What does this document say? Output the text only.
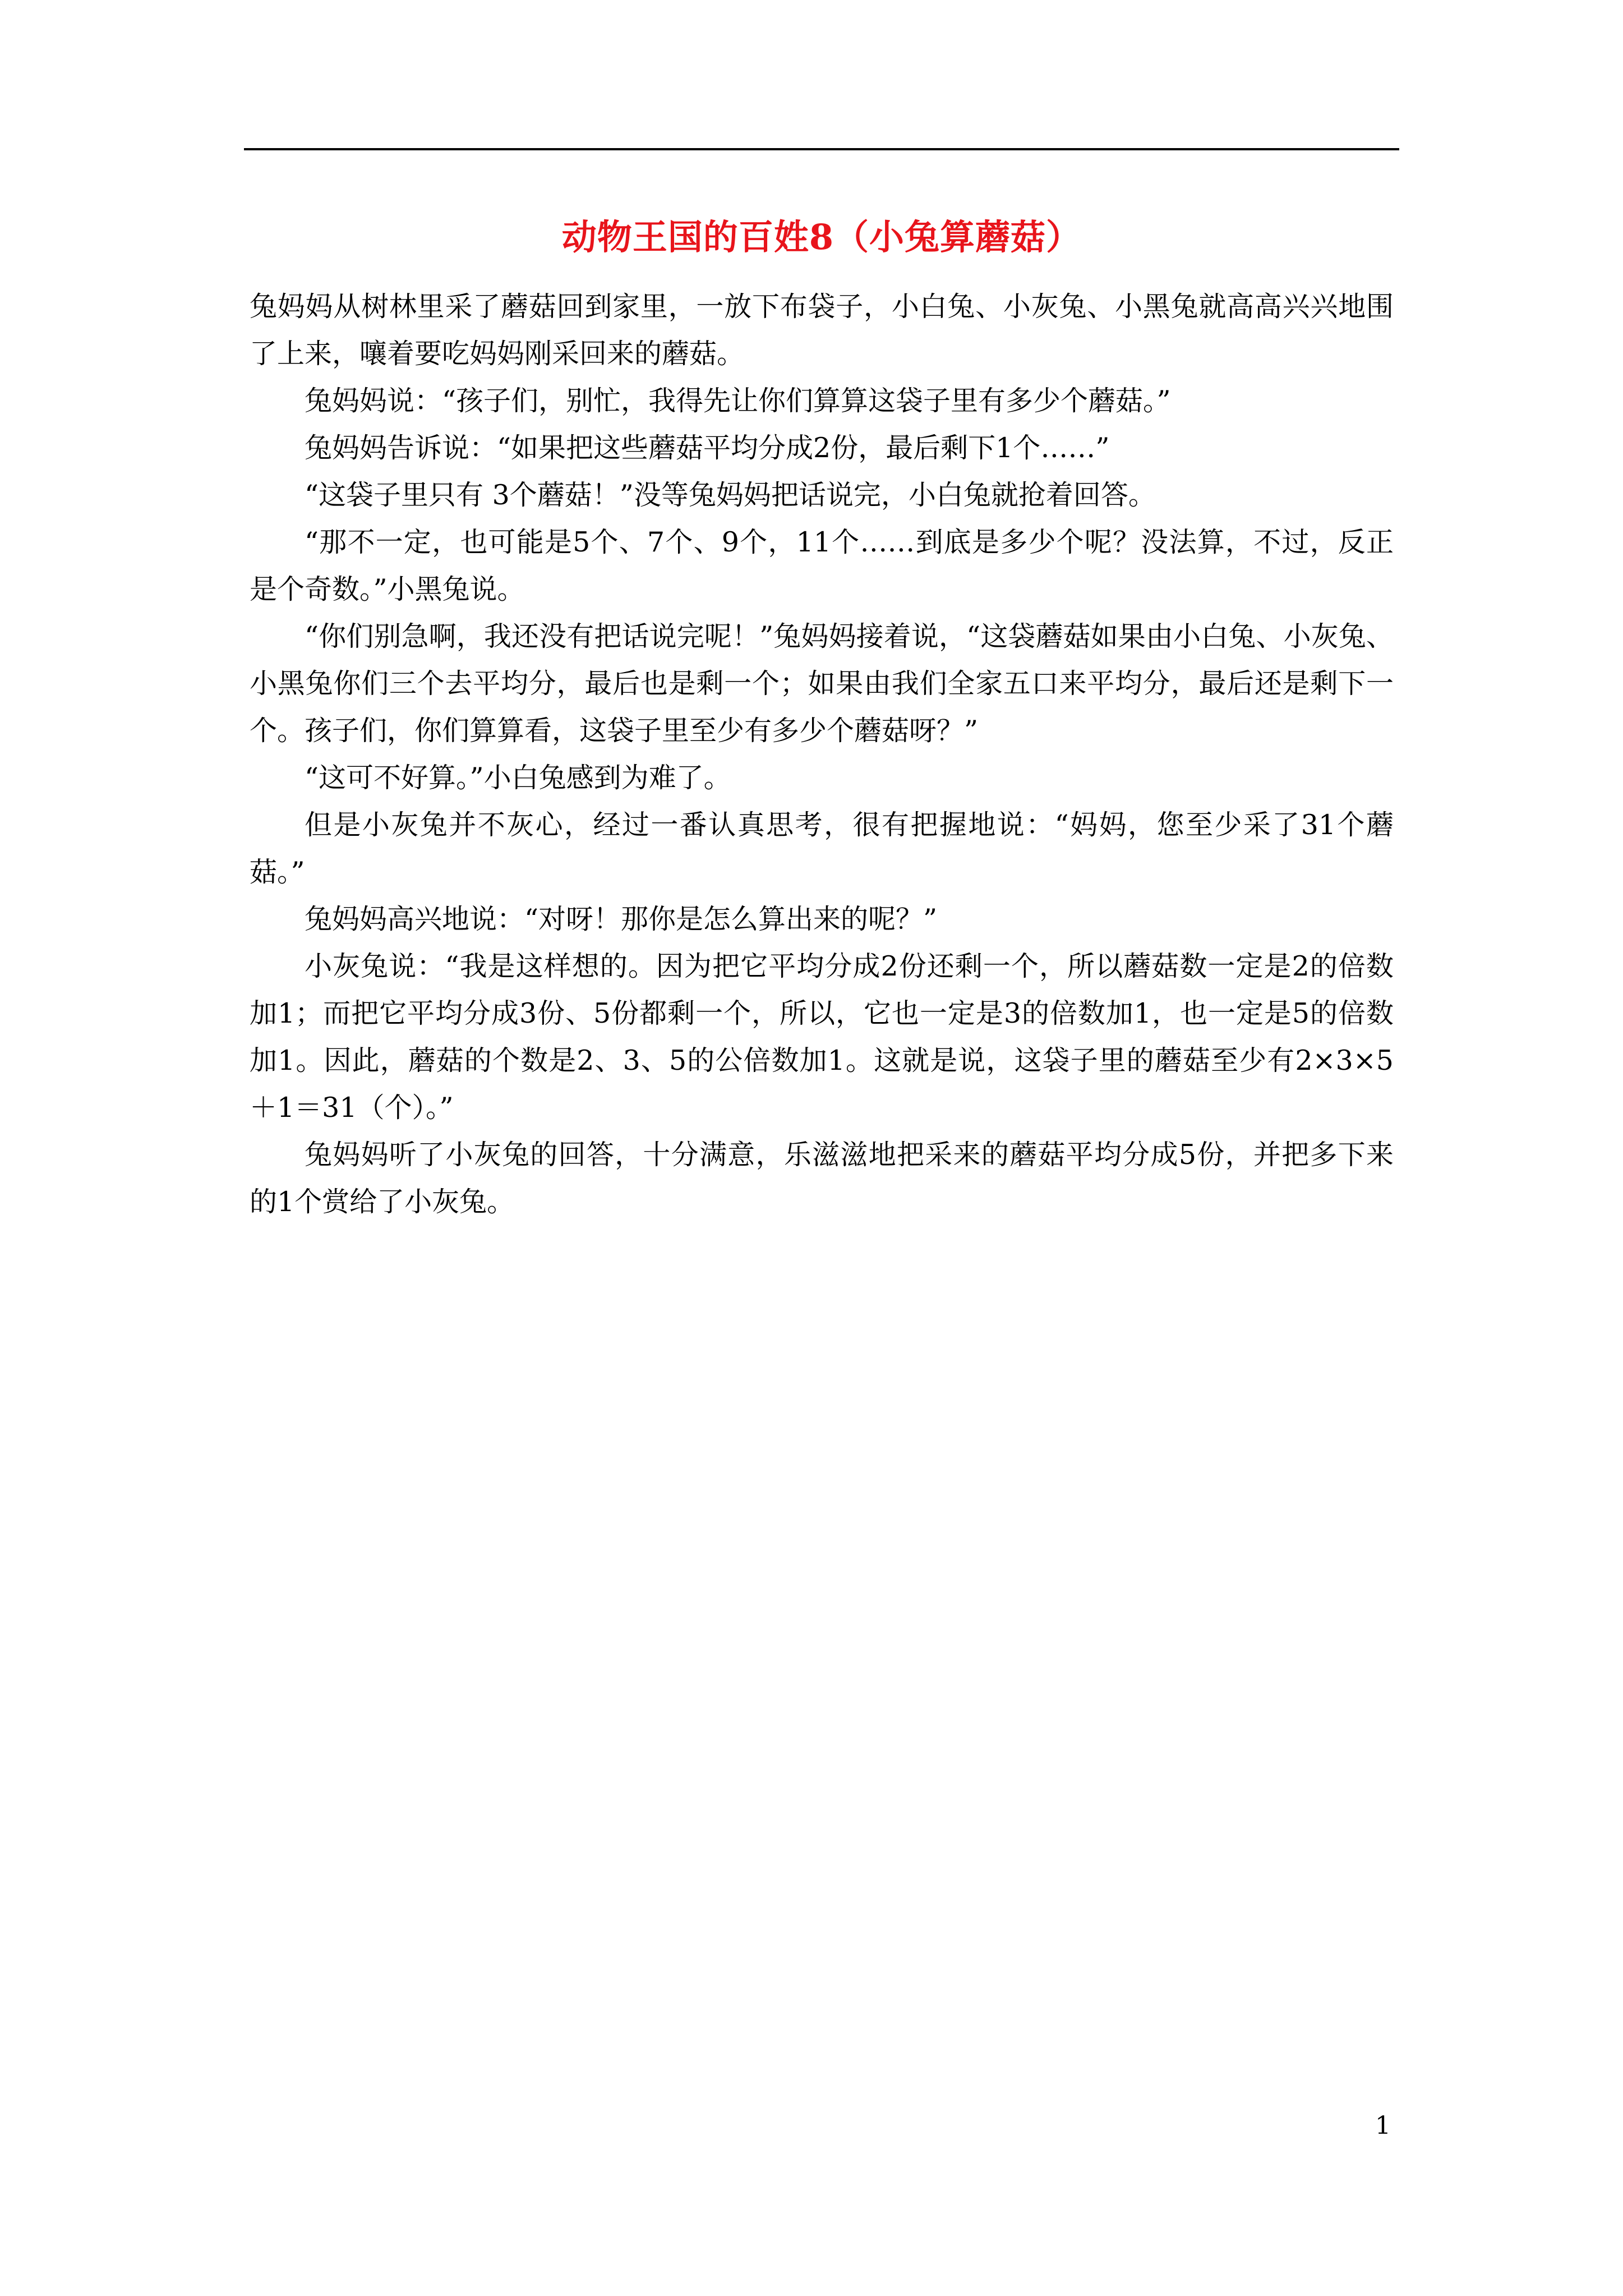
动物王国的百姓8（小兔算蘑菇）

兔妈妈从树林里采了蘑菇回到家里，一放下布袋子，小白兔、小灰兔、小黑兔就高高兴兴地围了上来，嚷着要吃妈妈刚采回来的蘑菇。

兔妈妈说：“孩子们，别忙，我得先让你们算算这袋子里有多少个蘑菇。”

兔妈妈告诉说：“如果把这些蘑菇平均分成2份，最后剩下1个……”

“这袋子里只有 3个蘑菇！”没等兔妈妈把话说完，小白兔就抢着回答。

“那不一定，也可能是5个、7个、9个，11个……到底是多少个呢？没法算，不过，反正是个奇数。”小黑兔说。

“你们别急啊，我还没有把话说完呢！”兔妈妈接着说，“这袋蘑菇如果由小白兔、小灰兔、小黑兔你们三个去平均分，最后也是剩一个；如果由我们全家五口来平均分，最后还是剩下一个。孩子们，你们算算看，这袋子里至少有多少个蘑菇呀？”

“这可不好算。”小白兔感到为难了。

但是小灰兔并不灰心，经过一番认真思考，很有把握地说：“妈妈，您至少采了31个蘑菇。”

兔妈妈高兴地说：“对呀！那你是怎么算出来的呢？”

小灰兔说：“我是这样想的。因为把它平均分成2份还剩一个，所以蘑菇数一定是2的倍数加1；而把它平均分成3份、5份都剩一个，所以，它也一定是3的倍数加1，也一定是5的倍数加1。因此，蘑菇的个数是2、3、5的公倍数加1。这就是说，这袋子里的蘑菇至少有2×3×5＋1＝31（个）。”

兔妈妈听了小灰兔的回答，十分满意，乐滋滋地把采来的蘑菇平均分成5份，并把多下来的1个赏给了小灰兔。

1
